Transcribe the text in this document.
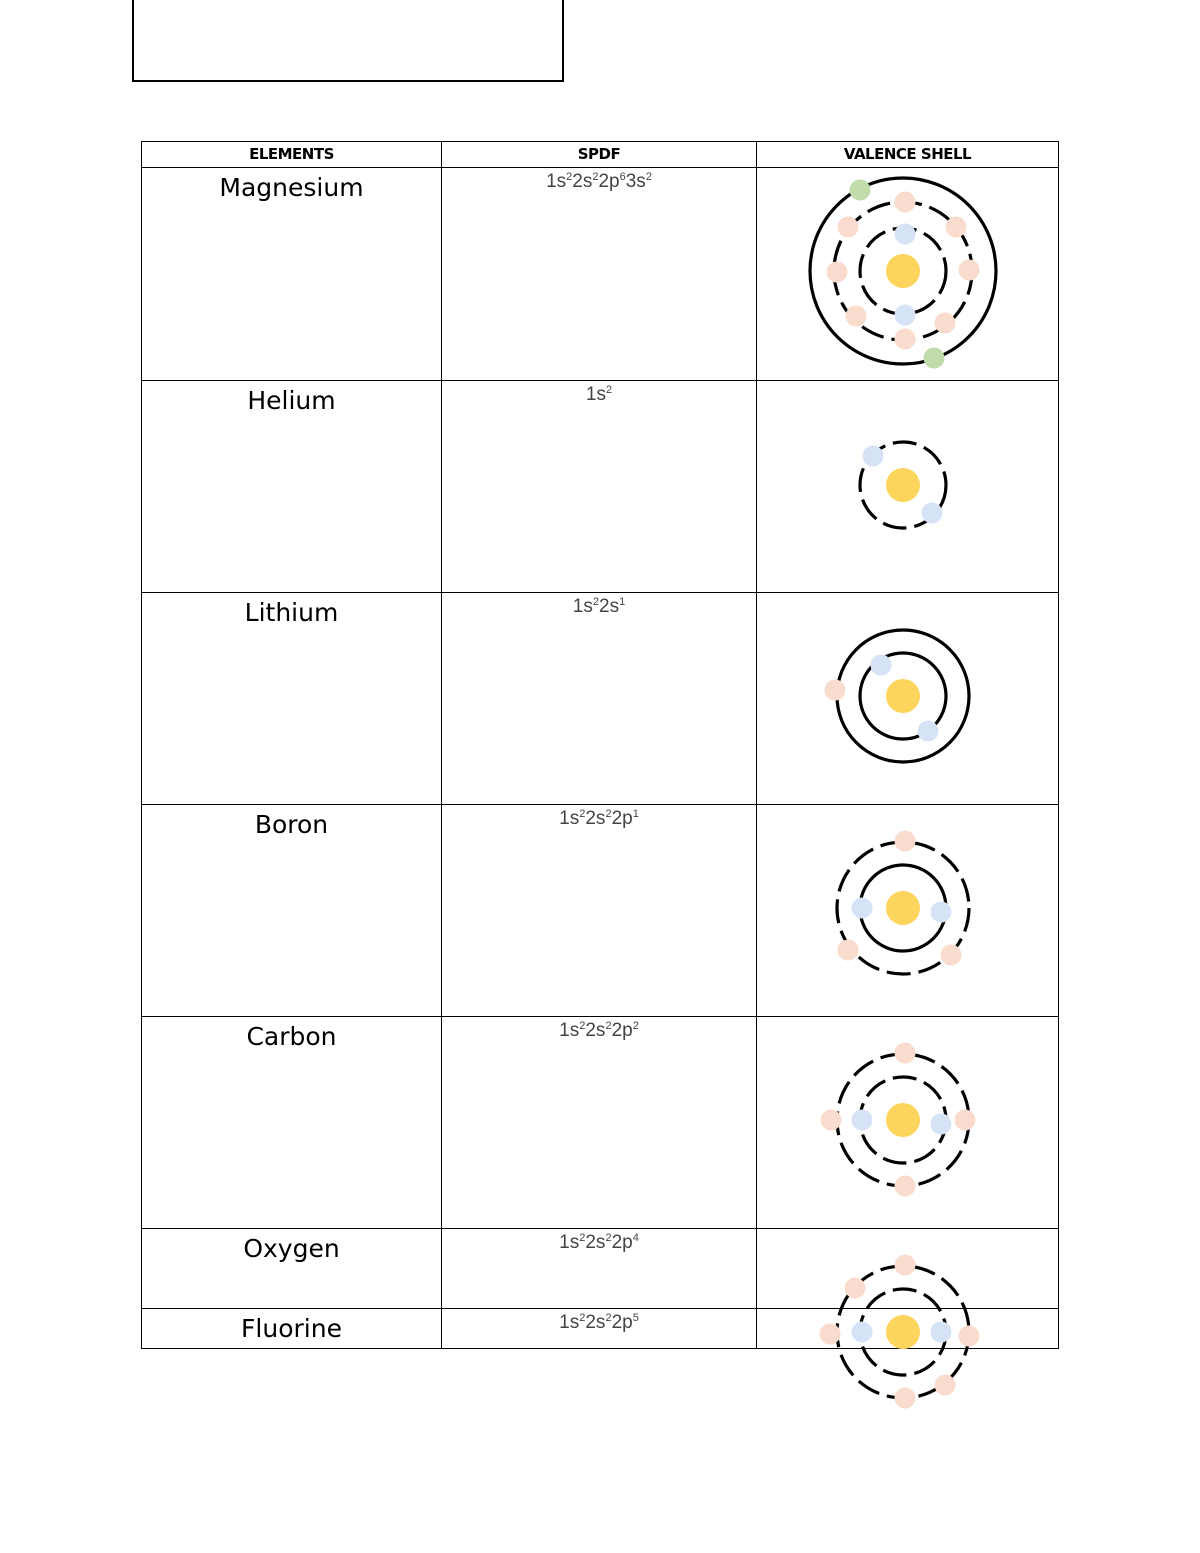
ELEMENTS	SPDF	VALENCE SHELL

Magnesium	$1s^22s^22p^63s^2$

Helium	$1s^2$

Lithium	$1s^22s^1$

Boron	$1s^22s^22p^1$

Carbon	$1s^22s^22p^2$

Oxygen	$1s^22s^22p^4$

Fluorine	$1s^22s^22p^5$
